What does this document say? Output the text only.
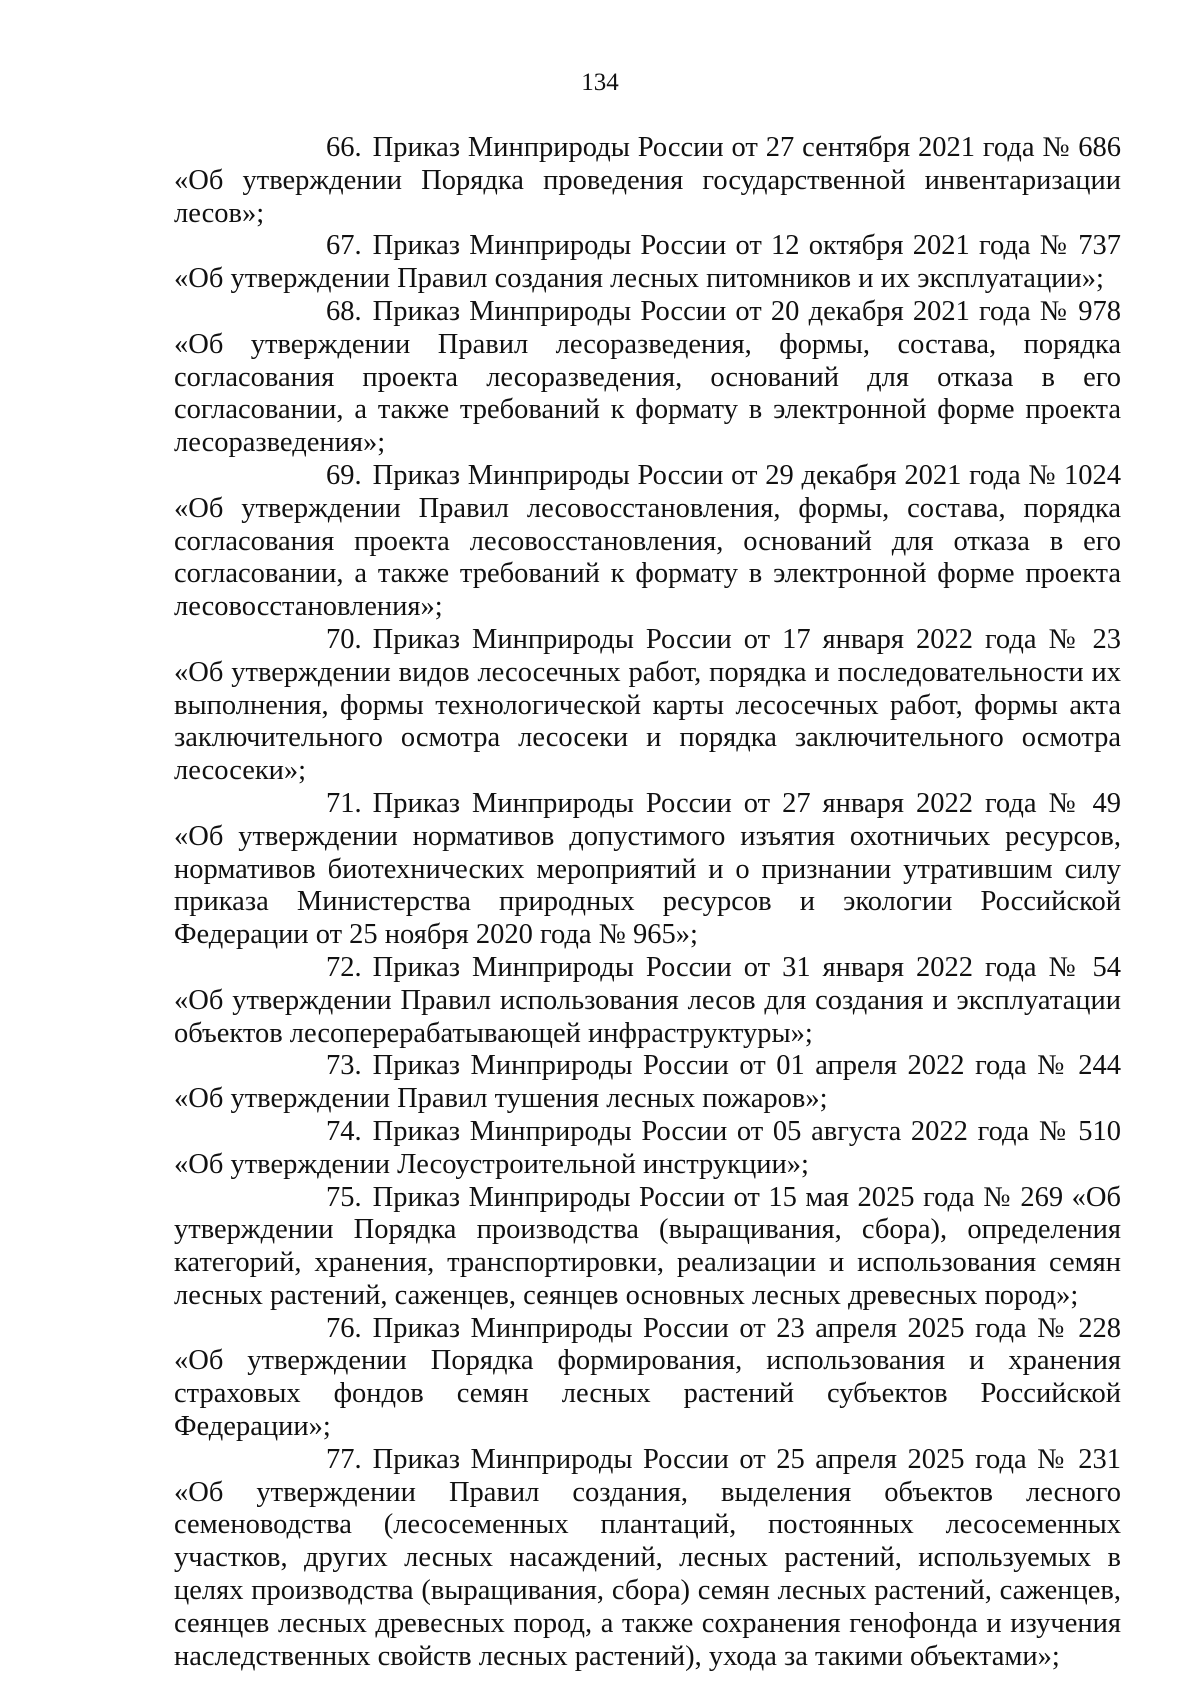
134

66. Приказ Минприроды России от 27 сентября 2021 года № 686 «Об утверждении Порядка проведения государственной инвентаризации лесов»;

67. Приказ Минприроды России от 12 октября 2021 года № 737 «Об утверждении Правил создания лесных питомников и их эксплуатации»;

68. Приказ Минприроды России от 20 декабря 2021 года № 978 «Об утверждении Правил лесоразведения, формы, состава, порядка согласования проекта лесоразведения, оснований для отказа в его согласовании, а также требований к формату в электронной форме проекта лесоразведения»;

69. Приказ Минприроды России от 29 декабря 2021 года № 1024 «Об утверждении Правил лесовосстановления, формы, состава, порядка согласования проекта лесовосстановления, оснований для отказа в его согласовании, а также требований к формату в электронной форме проекта лесовосстановления»;

70. Приказ Минприроды России от 17 января 2022 года № 23 «Об утверждении видов лесосечных работ, порядка и последовательности их выполнения, формы технологической карты лесосечных работ, формы акта заключительного осмотра лесосеки и порядка заключительного осмотра лесосеки»;

71. Приказ Минприроды России от 27 января 2022 года № 49 «Об утверждении нормативов допустимого изъятия охотничьих ресурсов, нормативов биотехнических мероприятий и о признании утратившим силу приказа Министерства природных ресурсов и экологии Российской Федерации от 25 ноября 2020 года № 965»;

72. Приказ Минприроды России от 31 января 2022 года № 54 «Об утверждении Правил использования лесов для создания и эксплуатации объектов лесоперерабатывающей инфраструктуры»;

73. Приказ Минприроды России от 01 апреля 2022 года № 244 «Об утверждении Правил тушения лесных пожаров»;

74. Приказ Минприроды России от 05 августа 2022 года № 510 «Об утверждении Лесоустроительной инструкции»;

75. Приказ Минприроды России от 15 мая 2025 года № 269 «Об утверждении Порядка производства (выращивания, сбора), определения категорий, хранения, транспортировки, реализации и использования семян лесных растений, саженцев, сеянцев основных лесных древесных пород»;

76. Приказ Минприроды России от 23 апреля 2025 года № 228 «Об утверждении Порядка формирования, использования и хранения страховых фондов семян лесных растений субъектов Российской Федерации»;

77. Приказ Минприроды России от 25 апреля 2025 года № 231 «Об утверждении Правил создания, выделения объектов лесного семеноводства (лесосеменных плантаций, постоянных лесосеменных участков, других лесных насаждений, лесных растений, используемых в целях производства (выращивания, сбора) семян лесных растений, саженцев, сеянцев лесных древесных пород, а также сохранения генофонда и изучения наследственных свойств лесных растений), ухода за такими объектами»;
